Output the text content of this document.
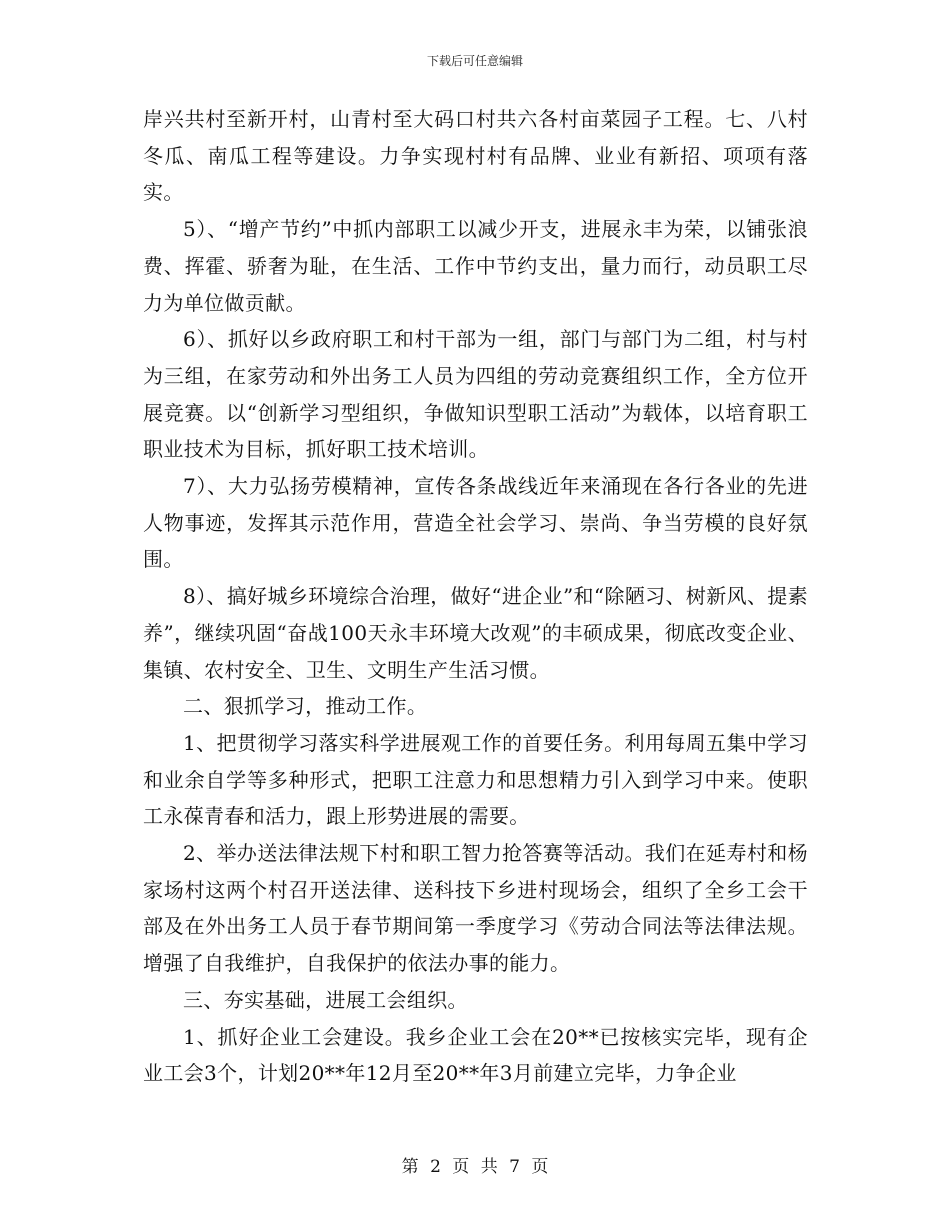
下载后可任意编辑

岸兴共村至新开村，山青村至大码口村共六各村亩菜园子工程。七、八村冬瓜、南瓜工程等建设。力争实现村村有品牌、业业有新招、项项有落实。

5）、“增产节约”中抓内部职工以减少开支，进展永丰为荣，以铺张浪费、挥霍、骄奢为耻，在生活、工作中节约支出，量力而行，动员职工尽力为单位做贡献。

6）、抓好以乡政府职工和村干部为一组，部门与部门为二组，村与村为三组，在家劳动和外出务工人员为四组的劳动竞赛组织工作，全方位开展竞赛。以“创新学习型组织，争做知识型职工活动”为载体，以培育职工职业技术为目标，抓好职工技术培训。

7）、大力弘扬劳模精神，宣传各条战线近年来涌现在各行各业的先进人物事迹，发挥其示范作用，营造全社会学习、崇尚、争当劳模的良好氛围。

8）、搞好城乡环境综合治理，做好“进企业”和“除陋习、树新风、提素养”，继续巩固“奋战100天永丰环境大改观”的丰硕成果，彻底改变企业、集镇、农村安全、卫生、文明生产生活习惯。

二、狠抓学习，推动工作。

1、把贯彻学习落实科学进展观工作的首要任务。利用每周五集中学习和业余自学等多种形式，把职工注意力和思想精力引入到学习中来。使职工永葆青春和活力，跟上形势进展的需要。

2、举办送法律法规下村和职工智力抢答赛等活动。我们在延寿村和杨家场村这两个村召开送法律、送科技下乡进村现场会，组织了全乡工会干部及在外出务工人员于春节期间第一季度学习《劳动合同法等法律法规。增强了自我维护，自我保护的依法办事的能力。

三、夯实基础，进展工会组织。

1、抓好企业工会建设。我乡企业工会在20**已按核实完毕，现有企业工会3个，计划20**年12月至20**年3月前建立完毕，力争企业

第 2 页 共 7 页
